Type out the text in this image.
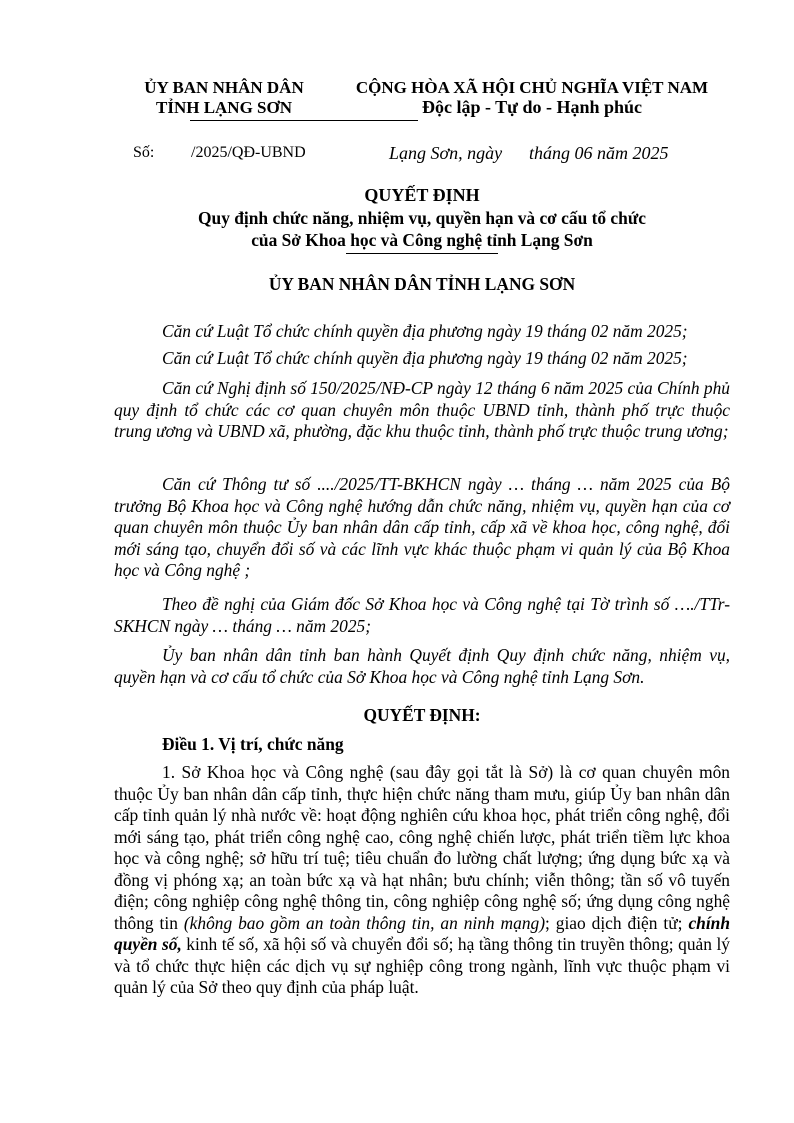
ỦY BAN NHÂN DÂN
TỈNH LẠNG SƠN
CỘNG HÒA XÃ HỘI CHỦ NGHĨA VIỆT NAM
Độc lập - Tự do - Hạnh phúc
Số: /2025/QĐ-UBND	Lạng Sơn, ngày tháng 06 năm 2025
QUYẾT ĐỊNH
Quy định chức năng, nhiệm vụ, quyền hạn và cơ cấu tổ chức
của Sở Khoa học và Công nghệ tỉnh Lạng Sơn
ỦY BAN NHÂN DÂN TỈNH LẠNG SƠN
Căn cứ Luật Tổ chức chính quyền địa phương ngày 19 tháng 02 năm 2025;
Căn cứ Luật Tổ chức chính quyền địa phương ngày 19 tháng 02 năm 2025;
Căn cứ Nghị định số 150/2025/NĐ-CP ngày 12 tháng 6 năm 2025 của Chính phủ quy định tổ chức các cơ quan chuyên môn thuộc UBND tỉnh, thành phố trực thuộc trung ương và UBND xã, phường, đặc khu thuộc tỉnh, thành phố trực thuộc trung ương;
Căn cứ Thông tư số ..../2025/TT-BKHCN ngày … tháng … năm 2025 của Bộ trưởng Bộ Khoa học và Công nghệ hướng dẫn chức năng, nhiệm vụ, quyền hạn của cơ quan chuyên môn thuộc Ủy ban nhân dân cấp tỉnh, cấp xã về khoa học, công nghệ, đổi mới sáng tạo, chuyển đổi số và các lĩnh vực khác thuộc phạm vi quản lý của Bộ Khoa học và Công nghệ ;
Theo đề nghị của Giám đốc Sở Khoa học và Công nghệ tại Tờ trình số …./TTr-SKHCN ngày … tháng … năm 2025;
Ủy ban nhân dân tỉnh ban hành Quyết định Quy định chức năng, nhiệm vụ, quyền hạn và cơ cấu tổ chức của Sở Khoa học và Công nghệ tỉnh Lạng Sơn.
QUYẾT ĐỊNH:
Điều 1. Vị trí, chức năng
1. Sở Khoa học và Công nghệ (sau đây gọi tắt là Sở) là cơ quan chuyên môn thuộc Ủy ban nhân dân cấp tỉnh, thực hiện chức năng tham mưu, giúp Ủy ban nhân dân cấp tỉnh quản lý nhà nước về: hoạt động nghiên cứu khoa học, phát triển công nghệ, đổi mới sáng tạo, phát triển công nghệ cao, công nghệ chiến lược, phát triển tiềm lực khoa học và công nghệ; sở hữu trí tuệ; tiêu chuẩn đo lường chất lượng; ứng dụng bức xạ và đồng vị phóng xạ; an toàn bức xạ và hạt nhân; bưu chính; viễn thông; tần số vô tuyến điện; công nghiệp công nghệ thông tin, công nghiệp công nghệ số; ứng dụng công nghệ thông tin (không bao gồm an toàn thông tin, an ninh mạng); giao dịch điện tử; chính quyền số, kinh tế số, xã hội số và chuyển đổi số; hạ tầng thông tin truyền thông; quản lý và tổ chức thực hiện các dịch vụ sự nghiệp công trong ngành, lĩnh vực thuộc phạm vi quản lý của Sở theo quy định của pháp luật.
